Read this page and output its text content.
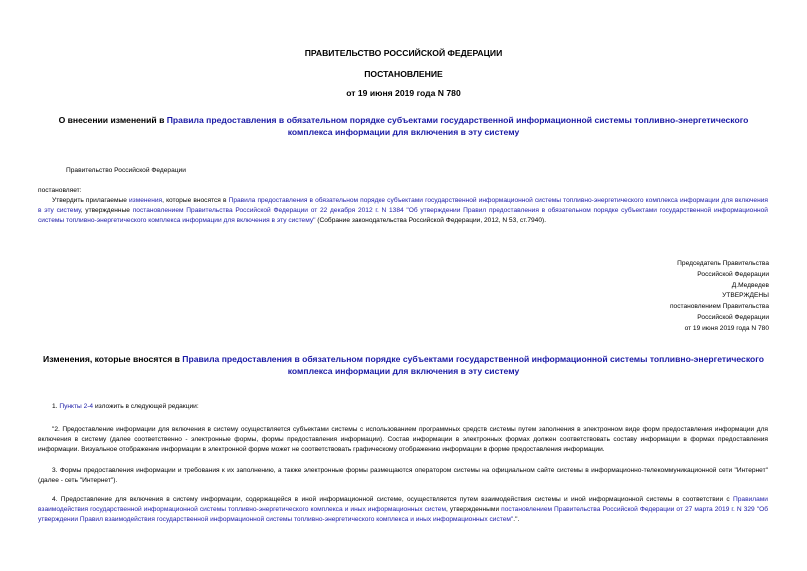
ПРАВИТЕЛЬСТВО РОССИЙСКОЙ ФЕДЕРАЦИИ
ПОСТАНОВЛЕНИЕ
от 19 июня 2019 года N 780
О внесении изменений в Правила предоставления в обязательном порядке субъектами государственной информационной системы топливно-энергетического комплекса информации для включения в эту систему
Правительство Российской Федерации
постановляет:
Утвердить прилагаемые изменения, которые вносятся в Правила предоставления в обязательном порядке субъектами государственной информационной системы топливно-энергетического комплекса информации для включения в эту систему, утвержденные постановлением Правительства Российской Федерации от 22 декабря 2012 г. N 1384 "Об утверждении Правил предоставления в обязательном порядке субъектами государственной информационной системы топливно-энергетического комплекса информации для включения в эту систему" (Собрание законодательства Российской Федерации, 2012, N 53, ст.7940).
Председатель Правительства
Российской Федерации
Д.Медведев
УТВЕРЖДЕНЫ
постановлением Правительства
Российской Федерации
от 19 июня 2019 года N 780
Изменения, которые вносятся в Правила предоставления в обязательном порядке субъектами государственной информационной системы топливно-энергетического комплекса информации для включения в эту систему
1. Пункты 2-4 изложить в следующей редакции:
"2. Предоставление информации для включения в систему осуществляется субъектами системы с использованием программных средств системы путем заполнения в электронном виде форм предоставления информации для включения в систему (далее соответственно - электронные формы, формы предоставления информации). Состав информации в электронных формах должен соответствовать составу информации в формах предоставления информации. Визуальное отображение информации в электронной форме может не соответствовать графическому отображению информации в форме предоставления информации.
3. Формы предоставления информации и требования к их заполнению, а также электронные формы размещаются оператором системы на официальном сайте системы в информационно-телекоммуникационной сети "Интернет" (далее - сеть "Интернет").
4. Предоставление для включения в систему информации, содержащейся в иной информационной системе, осуществляется путем взаимодействия системы и иной информационной системы в соответствии с Правилами взаимодействия государственной информационной системы топливно-энергетического комплекса и иных информационных систем, утвержденными постановлением Правительства Российской Федерации от 27 марта 2019 г. N 329 "Об утверждении Правил взаимодействия государственной информационной системы топливно-энергетического комплекса и иных информационных систем".".
